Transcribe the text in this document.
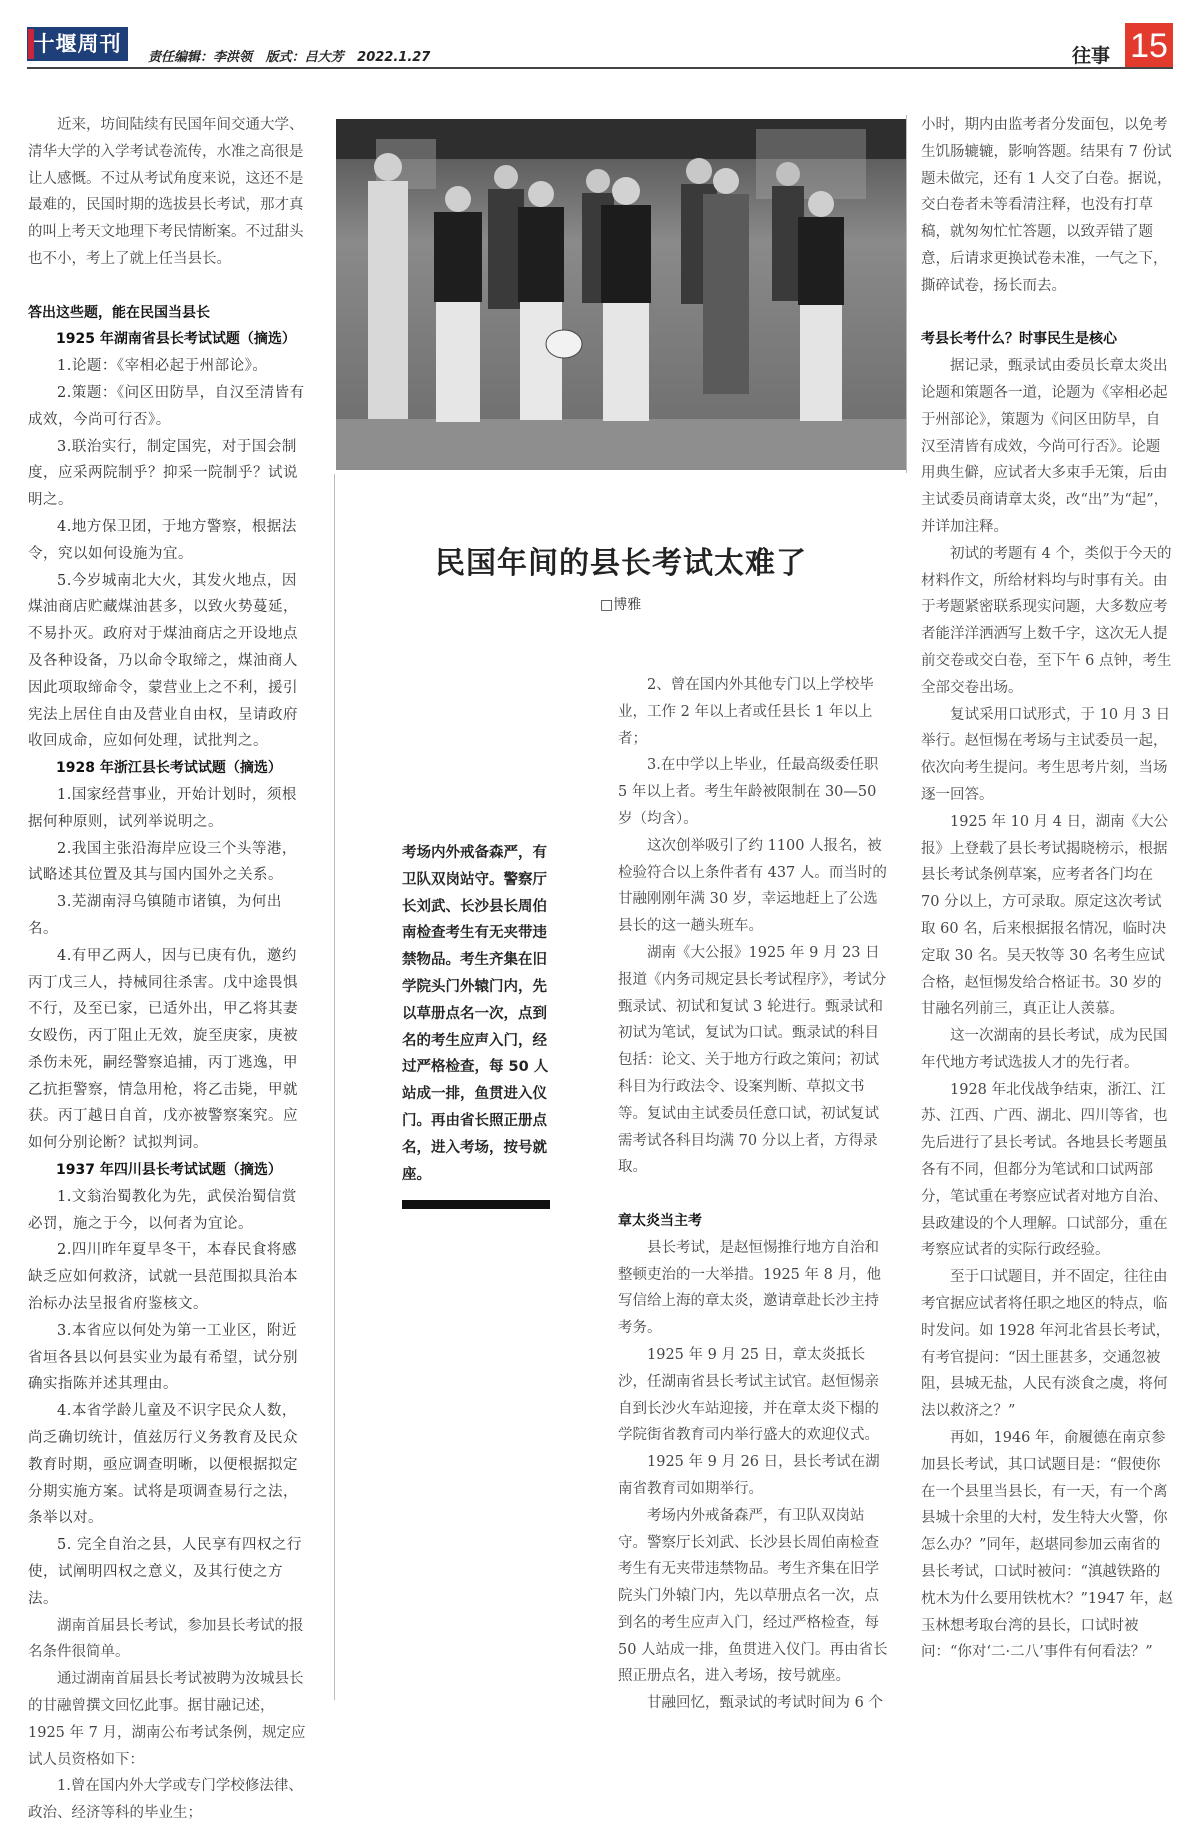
十堰周刊
责任编辑：李洪领   版式：吕大芳   2022.1.27	往事 15
民国年间的县长考试太难了
□博雅

近来，坊间陆续有民国年间交通大学、清华大学的入学考试卷流传，水准之高很是让人感慨。不过从考试角度来说，这还不是最难的，民国时期的选拔县长考试，那才真的叫上考天文地理下考民情断案。不过甜头也不小，考上了就上任当县长。

答出这些题，能在民国当县长

1925 年湖南省县长考试试题（摘选）

1.论题：《宰相必起于州部论》。

2.策题：《问区田防旱，自汉至清皆有成效，今尚可行否》。

3.联治实行，制定国宪，对于国会制度，应采两院制乎？抑采一院制乎？试说明之。

4.地方保卫团，于地方警察，根据法令，究以如何设施为宜。

5.今岁城南北大火，其发火地点，因煤油商店贮藏煤油甚多，以致火势蔓延，不易扑灭。政府对于煤油商店之开设地点及各种设备，乃以命令取缔之，煤油商人因此项取缔命令，蒙营业上之不利，援引宪法上居住自由及营业自由权，呈请政府收回成命，应如何处理，试批判之。

1928 年浙江县长考试试题（摘选）

1.国家经营事业，开始计划时，须根据何种原则，试列举说明之。

2.我国主张沿海岸应设三个头等港，试略述其位置及其与国内国外之关系。

3.芜湖南浔乌镇随市诸镇，为何出名。

4.有甲乙两人，因与已庚有仇，邀约丙丁戊三人，持械同往杀害。戊中途畏惧不行，及至已家，已适外出，甲乙将其妻女殴伤，丙丁阻止无效，旋至庚家，庚被杀伤未死，嗣经警察追捕，丙丁逃逸，甲乙抗拒警察，情急用枪，将乙击毙，甲就获。丙丁越日自首，戊亦被警察案究。应如何分别论断？试拟判词。

1937 年四川县长考试试题（摘选）

1.文翁治蜀教化为先，武侯治蜀信赏必罚，施之于今，以何者为宜论。

2.四川昨年夏旱冬干，本春民食将感缺乏应如何救济，试就一县范围拟具治本治标办法呈报省府鉴核文。

3.本省应以何处为第一工业区，附近省垣各县以何县实业为最有希望，试分别确实指陈并述其理由。

4.本省学龄儿童及不识字民众人数，尚乏确切统计，值兹厉行义务教育及民众教育时期，亟应调查明晰，以便根据拟定分期实施方案。试将是项调查易行之法，条举以对。

5. 完全自治之县，人民享有四权之行使，试阐明四权之意义，及其行使之方法。

湖南首届县长考试，参加县长考试的报名条件很简单。

通过湖南首届县长考试被聘为汝城县长的甘融曾撰文回忆此事。据甘融记述，1925 年 7 月，湖南公布考试条例，规定应试人员资格如下：

1.曾在国内外大学或专门学校修法律、政治、经济等科的毕业生；

考场内外戒备森严，有卫队双岗站守。警察厅长刘武、长沙县长周伯南检查考生有无夹带违禁物品。考生齐集在旧学院头门外辕门内，先以草册点名一次，点到名的考生应声入门，经过严格检查，每 50 人站成一排，鱼贯进入仪门。再由省长照正册点名，进入考场，按号就座。

2、曾在国内外其他专门以上学校毕业，工作 2 年以上者或任县长 1 年以上者；

3.在中学以上毕业，任最高级委任职 5 年以上者。考生年龄被限制在 30—50 岁（均含）。

这次创举吸引了约 1100 人报名，被检验符合以上条件者有 437 人。而当时的甘融刚刚年满 30 岁，幸运地赶上了公选县长的这一趟头班车。

湖南《大公报》1925 年 9 月 23 日报道《内务司规定县长考试程序》，考试分甄录试、初试和复试 3 轮进行。甄录试和初试为笔试，复试为口试。甄录试的科目包括：论文、关于地方行政之策问；初试科目为行政法令、设案判断、草拟文书等。复试由主试委员任意口试，初试复试需考试各科目均满 70 分以上者，方得录取。

章太炎当主考

县长考试，是赵恒惕推行地方自治和整顿吏治的一大举措。1925 年 8 月，他写信给上海的章太炎，邀请章赴长沙主持考务。

1925 年 9 月 25 日，章太炎抵长沙，任湖南省县长考试主试官。赵恒惕亲自到长沙火车站迎接，并在章太炎下榻的学院街省教育司内举行盛大的欢迎仪式。

1925 年 9 月 26 日，县长考试在湖南省教育司如期举行。

考场内外戒备森严，有卫队双岗站守。警察厅长刘武、长沙县长周伯南检查考生有无夹带违禁物品。考生齐集在旧学院头门外辕门内，先以草册点名一次，点到名的考生应声入门，经过严格检查，每 50 人站成一排，鱼贯进入仪门。再由省长照正册点名，进入考场，按号就座。

甘融回忆，甄录试的考试时间为 6 个

小时，期内由监考者分发面包，以免考生饥肠辘辘，影响答题。结果有 7 份试题未做完，还有 1 人交了白卷。据说，交白卷者未等看清注释，也没有打草稿，就匆匆忙忙答题，以致弄错了题意，后请求更换试卷未准，一气之下，撕碎试卷，扬长而去。

考县长考什么？时事民生是核心

据记录，甄录试由委员长章太炎出论题和策题各一道，论题为《宰相必起于州部论》，策题为《问区田防旱，自汉至清皆有成效，今尚可行否》。论题用典生僻，应试者大多束手无策，后由主试委员商请章太炎，改“出”为“起”，并详加注释。

初试的考题有 4 个，类似于今天的材料作文，所给材料均与时事有关。由于考题紧密联系现实问题，大多数应考者能洋洋洒洒写上数千字，这次无人提前交卷或交白卷，至下午 6 点钟，考生全部交卷出场。

复试采用口试形式，于 10 月 3 日举行。赵恒惕在考场与主试委员一起，依次向考生提问。考生思考片刻，当场逐一回答。

1925 年 10 月 4 日，湖南《大公报》上登载了县长考试揭晓榜示，根据县长考试条例草案，应考者各门均在 70 分以上，方可录取。原定这次考试取 60 名，后来根据报名情况，临时决定取 30 名。吴天牧等 30 名考生应试合格，赵恒惕发给合格证书。30 岁的甘融名列前三，真正让人羡慕。

这一次湖南的县长考试，成为民国年代地方考试选拔人才的先行者。

1928 年北伐战争结束，浙江、江苏、江西、广西、湖北、四川等省，也先后进行了县长考试。各地县长考题虽各有不同，但都分为笔试和口试两部分，笔试重在考察应试者对地方自治、县政建设的个人理解。口试部分，重在考察应试者的实际行政经验。

至于口试题目，并不固定，往往由考官据应试者将任职之地区的特点，临时发问。如 1928 年河北省县长考试，有考官提问：“因土匪甚多，交通忽被阻，县城无盐，人民有淡食之虞，将何法以救济之？”

再如，1946 年，俞履德在南京参加县长考试，其口试题目是：“假使你在一个县里当县长，有一天，有一个离县城十余里的大村，发生特大火警，你怎么办？”同年，赵堪同参加云南省的县长考试，口试时被问：“滇越铁路的枕木为什么要用铁枕木？”1947 年，赵玉林想考取台湾的县长，口试时被问：“你对‘二·二八’事件有何看法？”
